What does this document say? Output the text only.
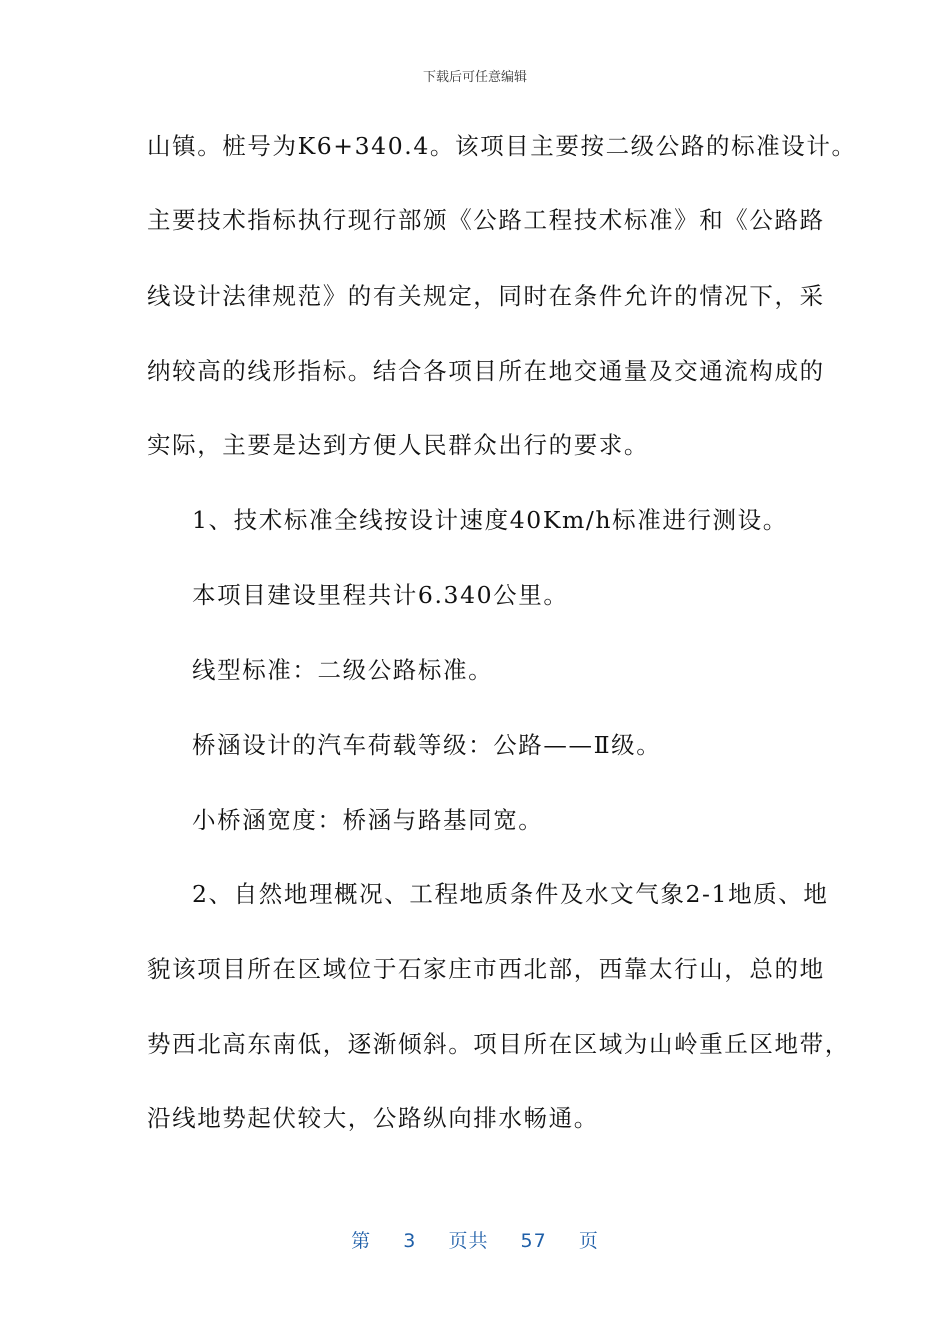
下载后可任意编辑
山镇。桩号为K6+340.4。该项目主要按二级公路的标准设计。
主要技术指标执行现行部颁《公路工程技术标准》和《公路路
线设计法律规范》的有关规定，同时在条件允许的情况下，采
纳较高的线形指标。结合各项目所在地交通量及交通流构成的
实际，主要是达到方便人民群众出行的要求。
1、技术标准全线按设计速度40Km/h标准进行测设。
本项目建设里程共计6.340公里。
线型标准：二级公路标准。
桥涵设计的汽车荷载等级：公路——Ⅱ级。
小桥涵宽度：桥涵与路基同宽。
2、自然地理概况、工程地质条件及水文气象2-1地质、地
貌该项目所在区域位于石家庄市西北部，西靠太行山，总的地
势西北高东南低，逐渐倾斜。项目所在区域为山岭重丘区地带，
沿线地势起伏较大，公路纵向排水畅通。
第 3 页共 57 页
